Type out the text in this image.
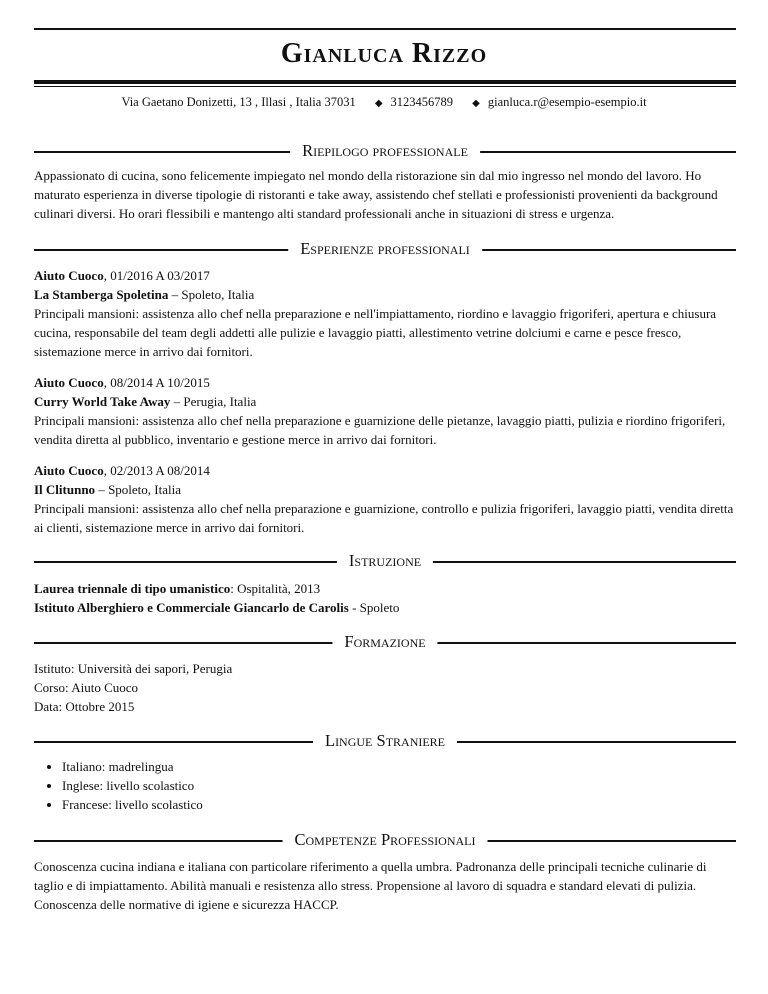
Gianluca Rizzo
Via Gaetano Donizetti, 13 , Illasi , Italia 37031 ◆ 3123456789 ◆ gianluca.r@esempio-esempio.it
Riepilogo professionale

Appassionato di cucina, sono felicemente impiegato nel mondo della ristorazione sin dal mio ingresso nel mondo del lavoro. Ho maturato esperienza in diverse tipologie di ristoranti e take away, assistendo chef stellati e professionisti provenienti da background culinari diversi. Ho orari flessibili e mantengo alti standard professionali anche in situazioni di stress e urgenza.

Esperienze professionali

Aiuto Cuoco, 01/2016 A 03/2017

La Stamberga Spoletina – Spoleto, Italia

Principali mansioni: assistenza allo chef nella preparazione e nell'impiattamento, riordino e lavaggio frigoriferi, apertura e chiusura cucina, responsabile del team degli addetti alle pulizie e lavaggio piatti, allestimento vetrine dolciumi e carne e pesce fresco, sistemazione merce in arrivo dai fornitori.

Aiuto Cuoco, 08/2014 A 10/2015

Curry World Take Away – Perugia, Italia

Principali mansioni: assistenza allo chef nella preparazione e guarnizione delle pietanze, lavaggio piatti, pulizia e riordino frigoriferi, vendita diretta al pubblico, inventario e gestione merce in arrivo dai fornitori.

Aiuto Cuoco, 02/2013 A 08/2014

Il Clitunno – Spoleto, Italia

Principali mansioni: assistenza allo chef nella preparazione e guarnizione, controllo e pulizia frigoriferi, lavaggio piatti, vendita diretta ai clienti, sistemazione merce in arrivo dai fornitori.

Istruzione

Laurea triennale di tipo umanistico: Ospitalità, 2013

Istituto Alberghiero e Commerciale Giancarlo de Carolis - Spoleto

Formazione

Istituto: Università dei sapori, Perugia

Corso: Aiuto Cuoco

Data: Ottobre 2015

Lingue Straniere
• Italiano: madrelingua
• Inglese: livello scolastico
• Francese: livello scolastico
Competenze Professionali

Conoscenza cucina indiana e italiana con particolare riferimento a quella umbra. Padronanza delle principali tecniche culinarie di taglio e di impiattamento. Abilità manuali e resistenza allo stress. Propensione al lavoro di squadra e standard elevati di pulizia. Conoscenza delle normative di igiene e sicurezza HACCP.
